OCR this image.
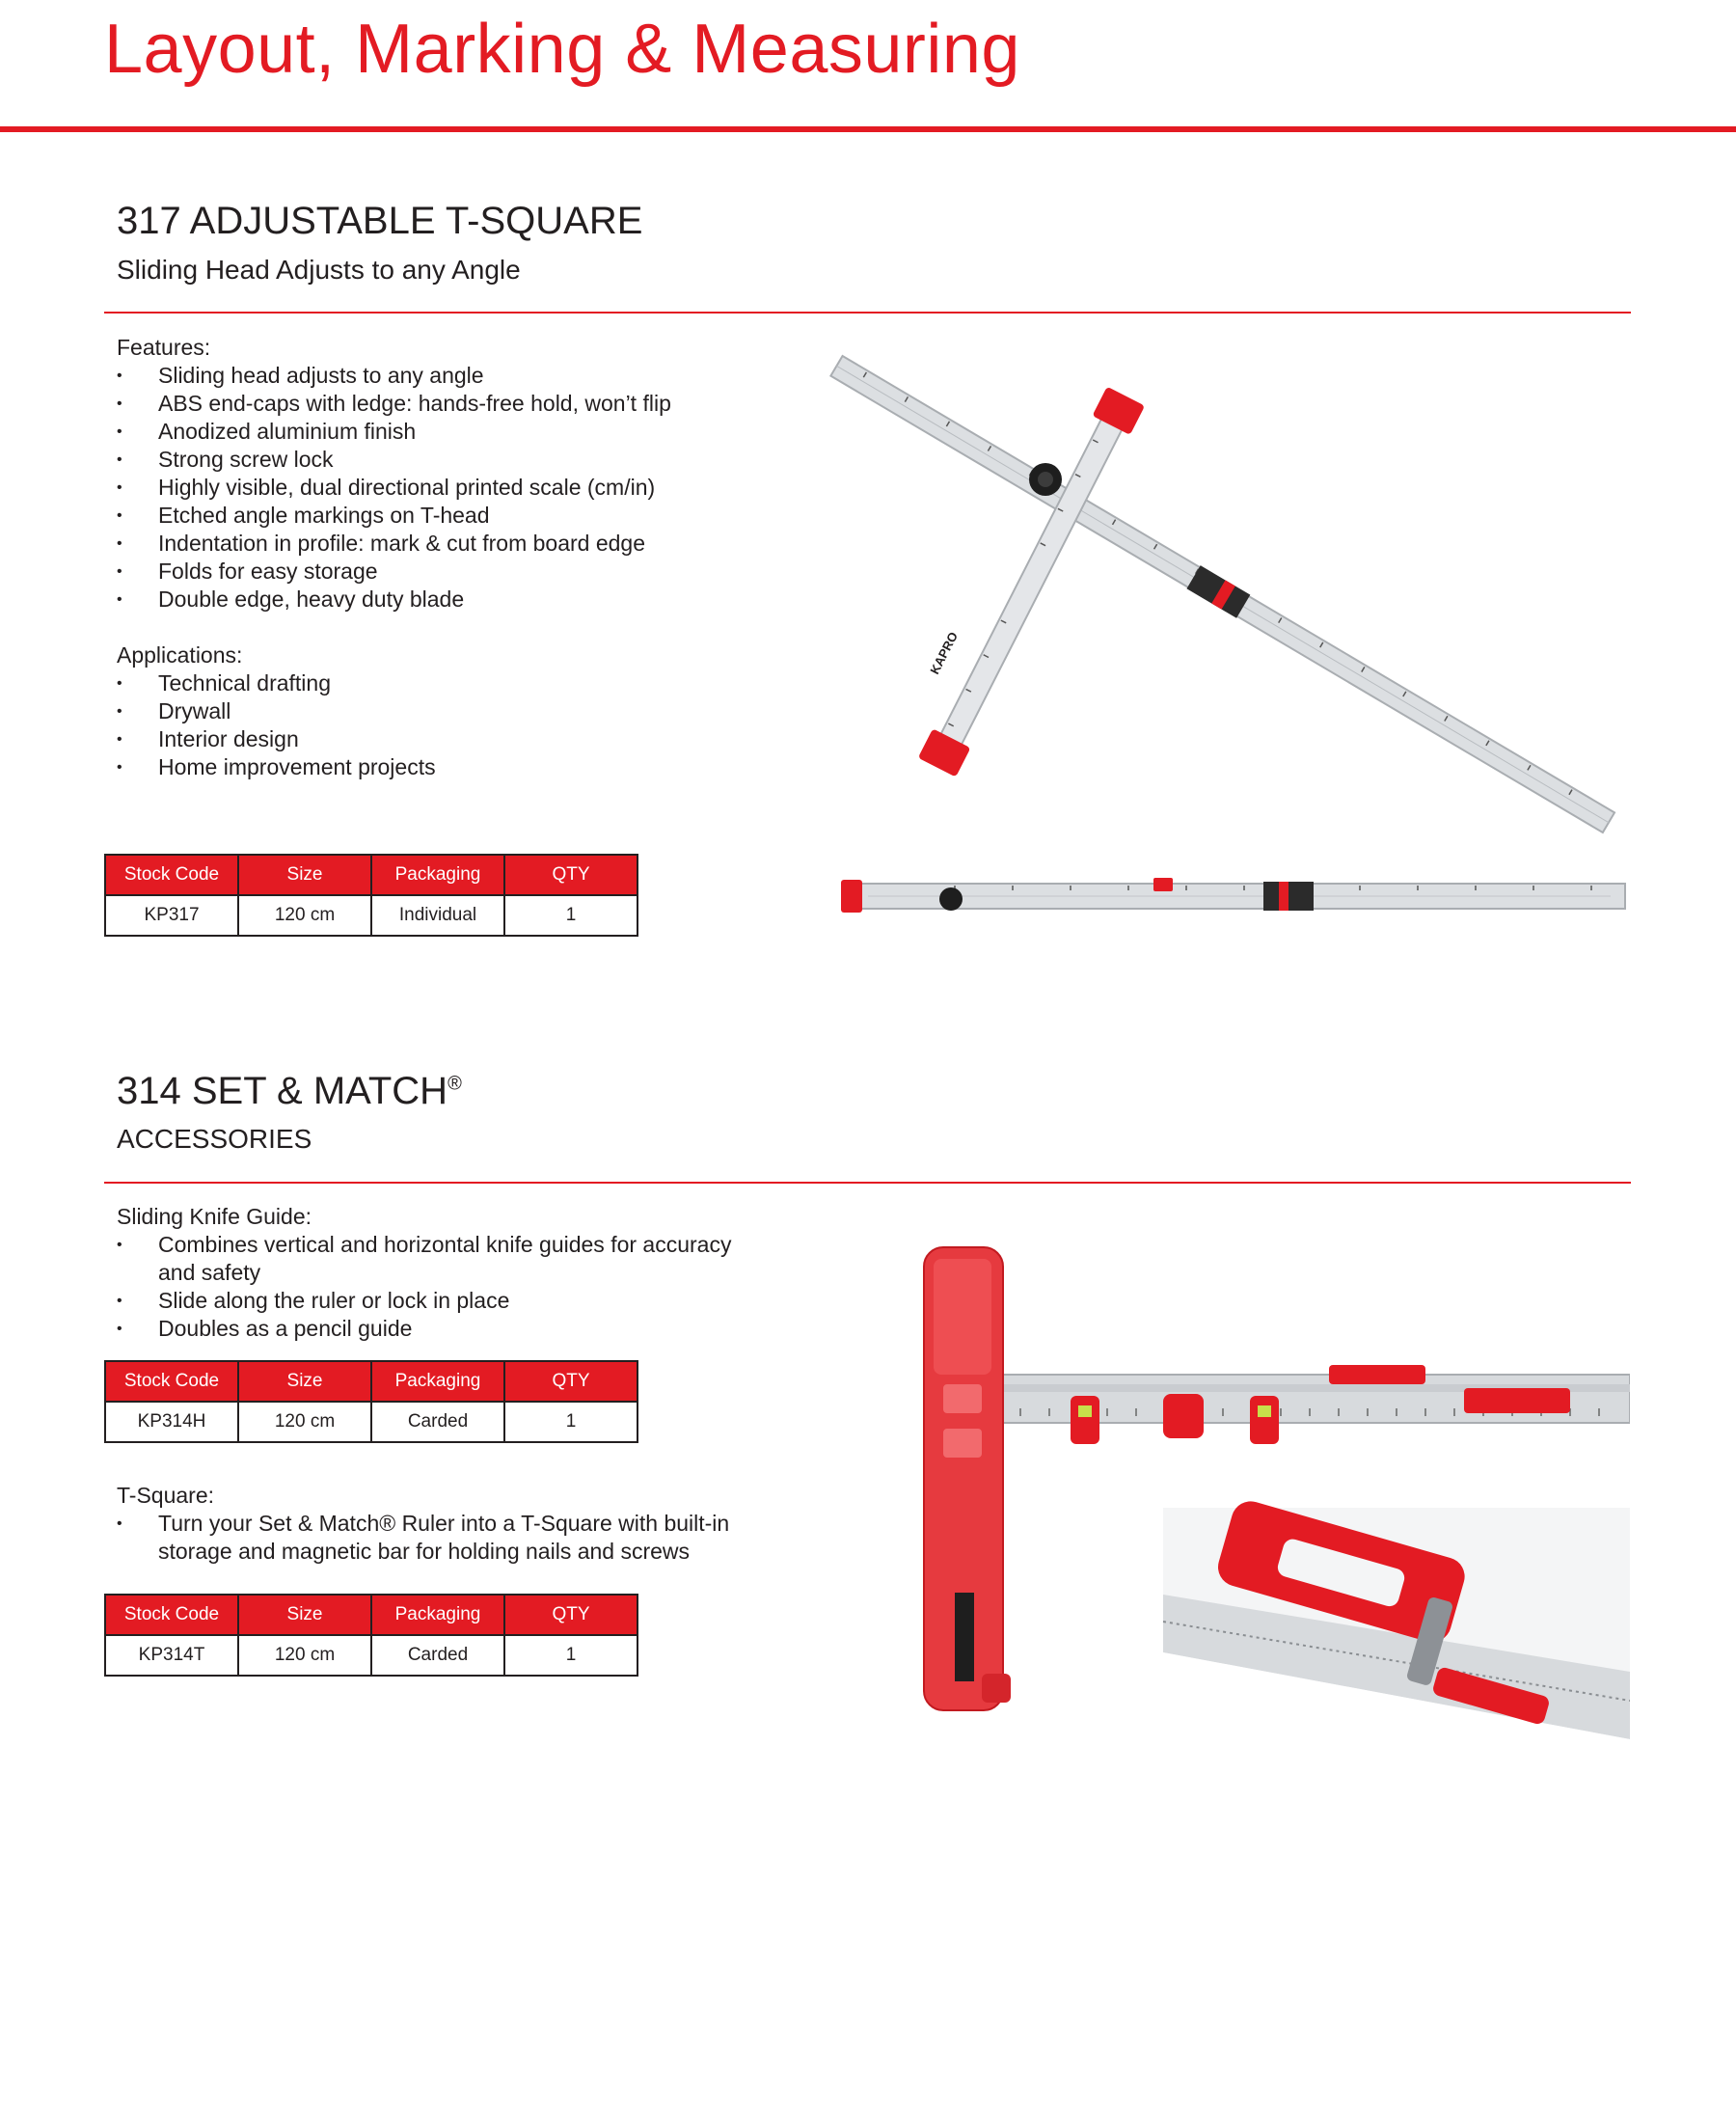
Layout, Marking & Measuring
317 ADJUSTABLE T-SQUARE
Sliding Head Adjusts to any Angle
Features:
• Sliding head adjusts to any angle
• ABS end-caps with ledge: hands-free hold, won’t flip
• Anodized aluminium finish
• Strong screw lock
• Highly visible, dual directional printed scale (cm/in)
• Etched angle markings on T-head
• Indentation in profile: mark & cut from board edge
• Folds for easy storage
• Double edge, heavy duty blade
Applications:
• Technical drafting
• Drywall
• Interior design
• Home improvement projects
Stock Code	Size	Packaging	QTY
KP317	120 cm	Individual	1
KAPRO
314 SET & MATCH®
ACCESSORIES
Sliding Knife Guide:
• Combines vertical and horizontal knife guides for accuracy and safety
• Slide along the ruler or lock in place
• Doubles as a pencil guide
Stock Code	Size	Packaging	QTY
KP314H	120 cm	Carded	1
T-Square:
• Turn your Set & Match® Ruler into a T-Square with built-in storage and magnetic bar for holding nails and screws
Stock Code	Size	Packaging	QTY
KP314T	120 cm	Carded	1
